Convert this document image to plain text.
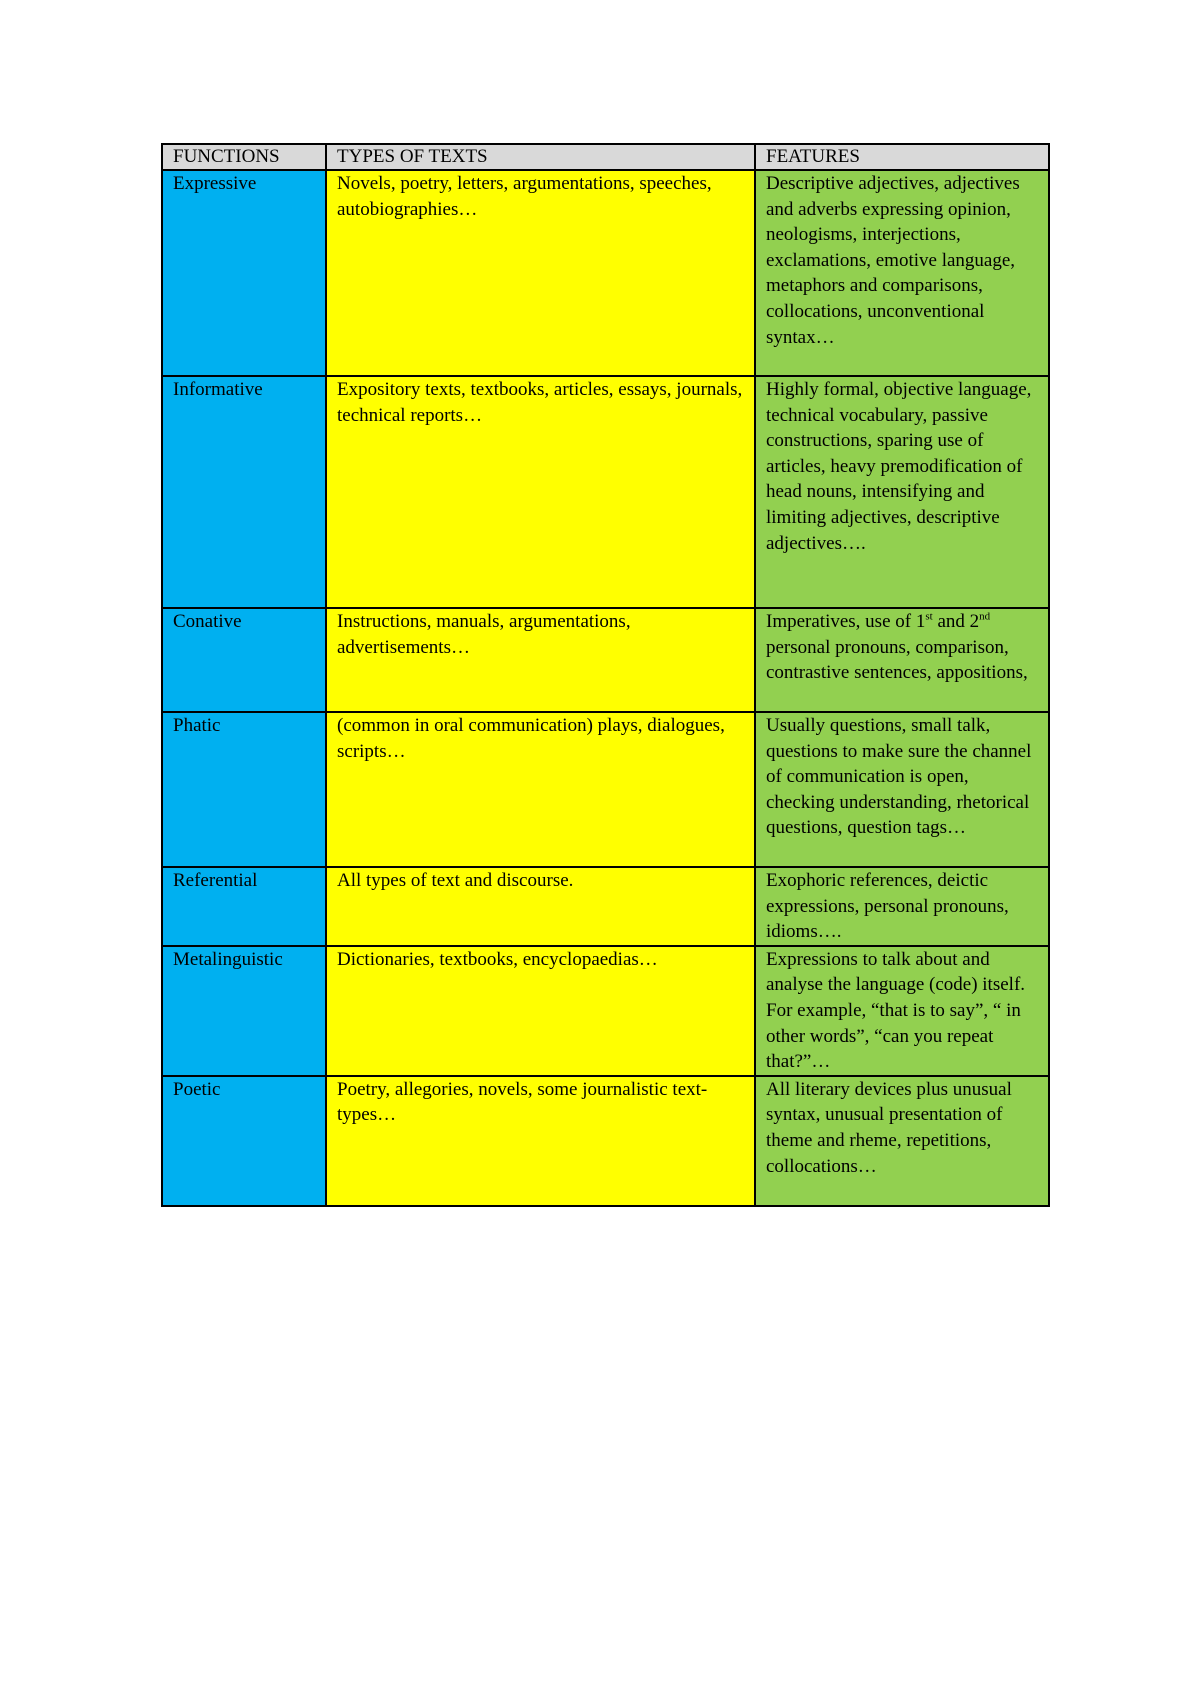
FUNCTIONS	TYPES OF TEXTS	FEATURES
Expressive	Novels, poetry, letters, argumentations, speeches, autobiographies…	Descriptive adjectives, adjectives and adverbs expressing opinion, neologisms, interjections, exclamations, emotive language, metaphors and comparisons, collocations, unconventional syntax…
Informative	Expository texts, textbooks, articles, essays, journals, technical reports…	Highly formal, objective language, technical vocabulary, passive constructions, sparing use of articles, heavy premodification of head nouns, intensifying and limiting adjectives, descriptive adjectives….
Conative	Instructions, manuals, argumentations, advertisements…	Imperatives, use of 1st and 2nd personal pronouns, comparison, contrastive sentences, appositions,
Phatic	(common in oral communication) plays, dialogues, scripts…	Usually questions, small talk, questions to make sure the channel of communication is open, checking understanding, rhetorical questions, question tags…
Referential	All types of text and discourse.	Exophoric references, deictic expressions, personal pronouns, idioms….
Metalinguistic	Dictionaries, textbooks, encyclopaedias…	Expressions to talk about and analyse the language (code) itself. For example, “that is to say”, “ in other words”, “can you repeat that?”…
Poetic	Poetry, allegories, novels, some journalistic text-types…	All literary devices plus unusual syntax, unusual presentation of theme and rheme, repetitions, collocations…
